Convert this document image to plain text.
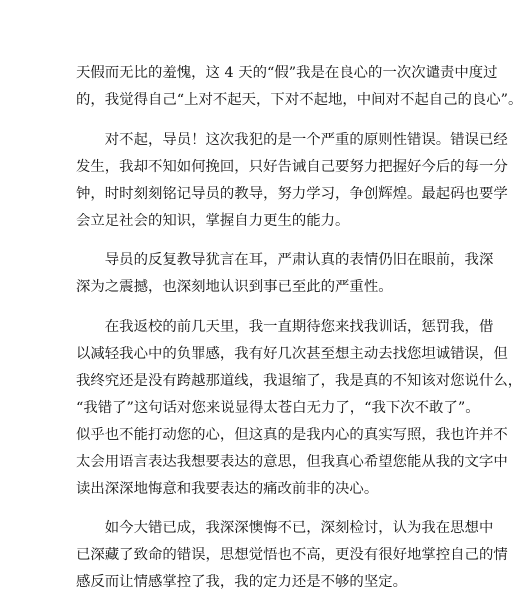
天假而无比的羞愧，这 4 天的“假”我是在良心的一次次谴责中度过
的，我觉得自己“上对不起天，下对不起地，中间对不起自己的良心”。
　　对不起，导员！这次我犯的是一个严重的原则性错误。错误已经
发生，我却不知如何挽回，只好告诫自己要努力把握好今后的每一分
钟，时时刻刻铭记导员的教导，努力学习，争创辉煌。最起码也要学
会立足社会的知识，掌握自力更生的能力。
　　导员的反复教导犹言在耳，严肃认真的表情仍旧在眼前，我深
深为之震撼，也深刻地认识到事已至此的严重性。
　　在我返校的前几天里，我一直期待您来找我训话，惩罚我，借
以减轻我心中的负罪感，我有好几次甚至想主动去找您坦诚错误，但
我终究还是没有跨越那道线，我退缩了，我是真的不知该对您说什么，
“我错了”这句话对您来说显得太苍白无力了，“我下次不敢了”。
似乎也不能打动您的心，但这真的是我内心的真实写照，我也许并不
太会用语言表达我想要表达的意思，但我真心希望您能从我的文字中
读出深深地悔意和我要表达的痛改前非的决心。
　　如今大错已成，我深深懊悔不已，深刻检讨，认为我在思想中
已深藏了致命的错误，思想觉悟也不高，更没有很好地掌控自己的情
感反而让情感掌控了我，我的定力还是不够的坚定。
